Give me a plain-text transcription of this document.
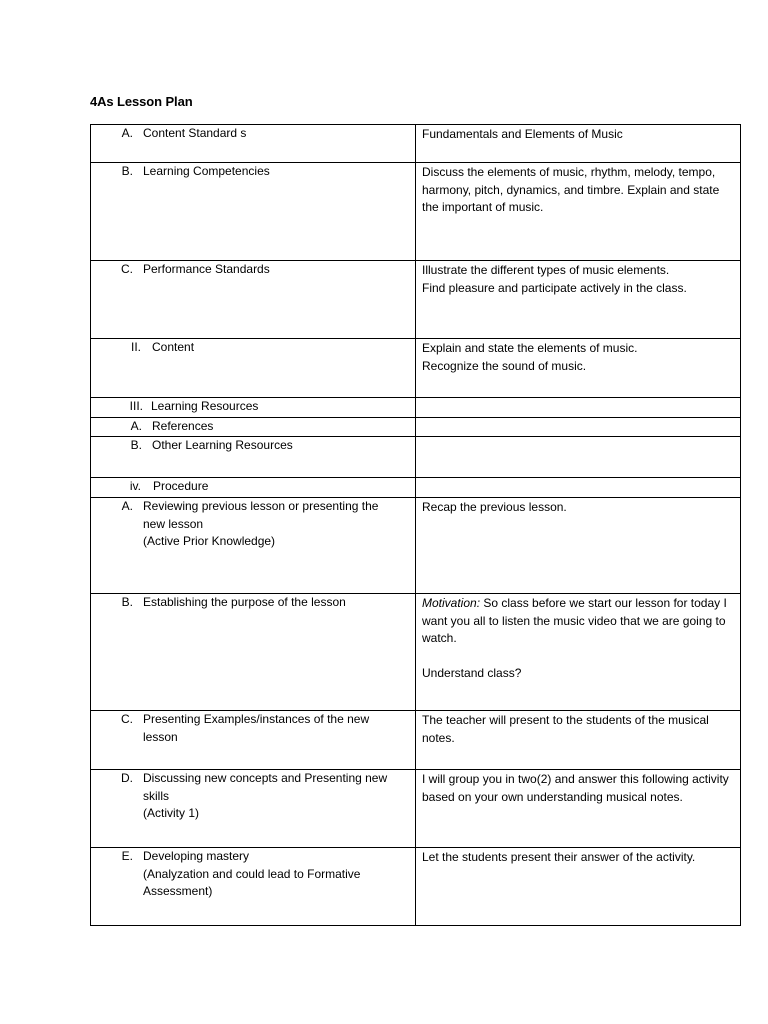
4As Lesson Plan
A. Content Standard s	Fundamentals and Elements of Music

B. Learning Competencies	Discuss the elements of music, rhythm, melody, tempo, harmony, pitch, dynamics, and timbre. Explain and state the important of music.

C. Performance Standards	Illustrate the different types of music elements.
Find pleasure and participate actively in the class.

II. Content	Explain and state the elements of music.
Recognize the sound of music.

III. Learning Resources	

A. References	

B. Other Learning Resources	

iv. Procedure	

A. Reviewing previous lesson or presenting the new lesson
(Active Prior Knowledge)	Recap the previous lesson.

B. Establishing the purpose of the lesson	Motivation: So class before we start our lesson for today I want you all to listen the music video that we are going to watch.

Understand class?

C. Presenting Examples/instances of the new lesson	The teacher will present to the students of the musical notes.

D. Discussing new concepts and Presenting new skills
(Activity 1)	I will group you in two(2) and answer this following activity based on your own understanding musical notes.

E. Developing mastery
(Analyzation and could lead to Formative Assessment)	Let the students present their answer of the activity.
